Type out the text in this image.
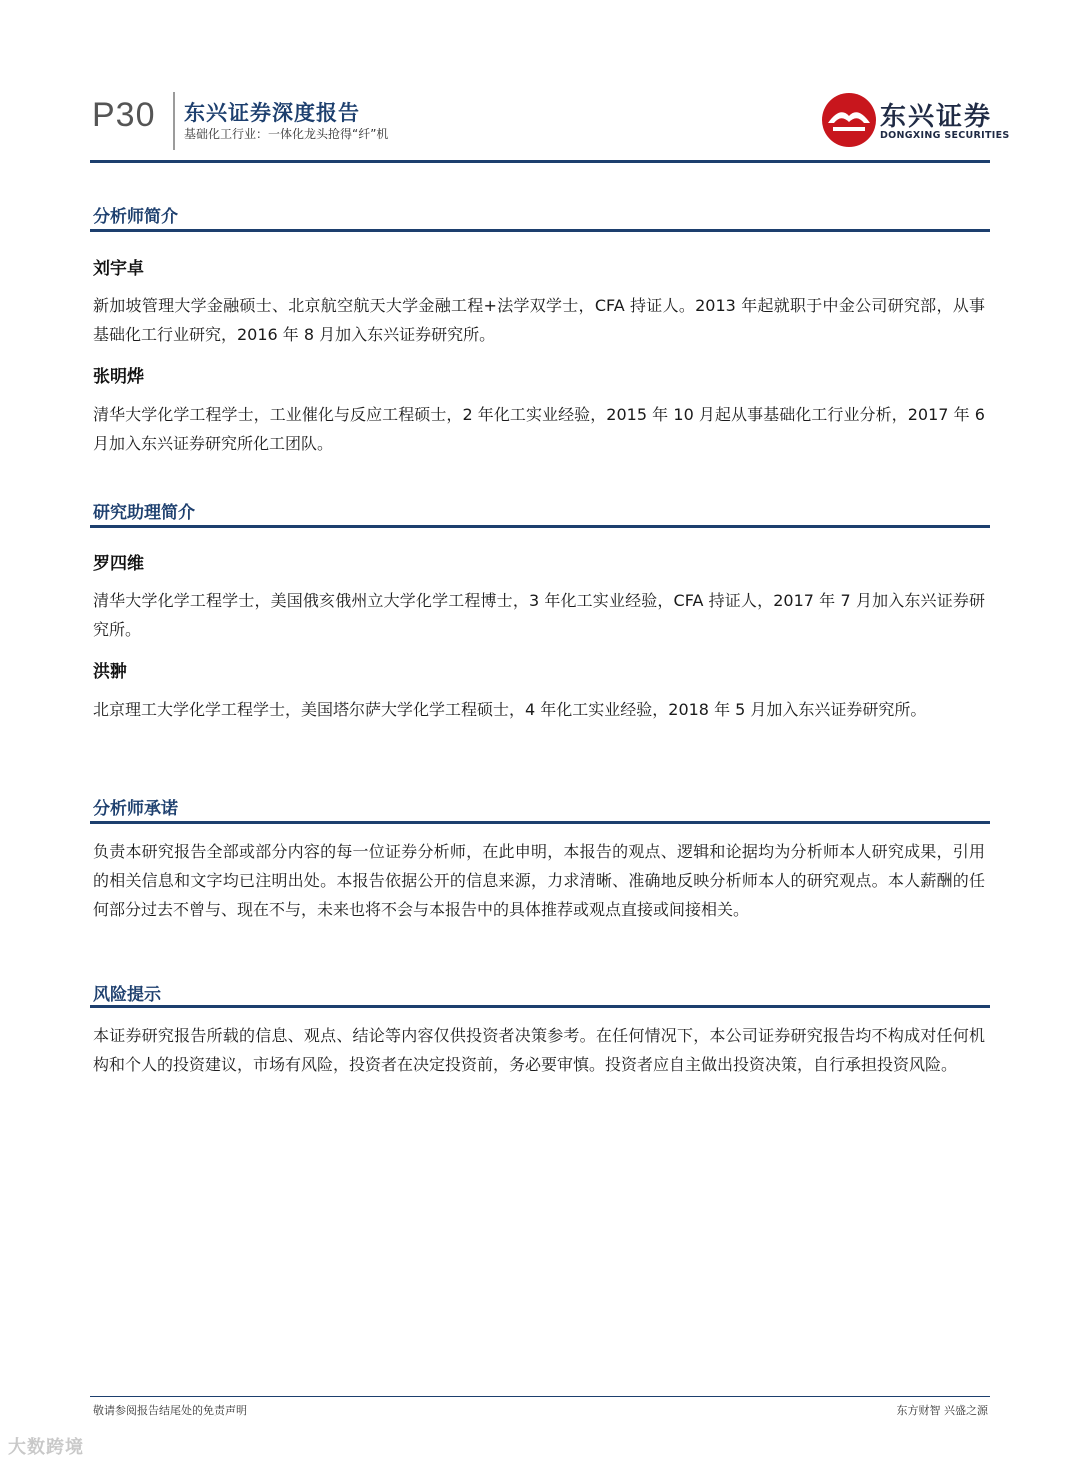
P30 东兴证券深度报告
基础化工行业：一体化龙头抢得“纤”机
东兴证券
DONGXING SECURITIES
分析师简介
刘宇卓
新加坡管理大学金融硕士、北京航空航天大学金融工程+法学双学士，CFA 持证人。2013 年起就职于中金公司研究部，从事基础化工行业研究，2016 年 8 月加入东兴证券研究所。
张明烨
清华大学化学工程学士，工业催化与反应工程硕士，2 年化工实业经验，2015 年 10 月起从事基础化工行业分析，2017 年 6 月加入东兴证券研究所化工团队。
研究助理简介
罗四维
清华大学化学工程学士，美国俄亥俄州立大学化学工程博士，3 年化工实业经验，CFA 持证人，2017 年 7 月加入东兴证券研究所。
洪翀
北京理工大学化学工程学士，美国塔尔萨大学化学工程硕士，4 年化工实业经验，2018 年 5 月加入东兴证券研究所。
分析师承诺
负责本研究报告全部或部分内容的每一位证券分析师，在此申明，本报告的观点、逻辑和论据均为分析师本人研究成果，引用的相关信息和文字均已注明出处。本报告依据公开的信息来源，力求清晰、准确地反映分析师本人的研究观点。本人薪酬的任何部分过去不曾与、现在不与，未来也将不会与本报告中的具体推荐或观点直接或间接相关。
风险提示
本证券研究报告所载的信息、观点、结论等内容仅供投资者决策参考。在任何情况下，本公司证券研究报告均不构成对任何机构和个人的投资建议，市场有风险，投资者在决定投资前，务必要审慎。投资者应自主做出投资决策，自行承担投资风险。
敬请参阅报告结尾处的免责声明	东方财智 兴盛之源
大数跨境
